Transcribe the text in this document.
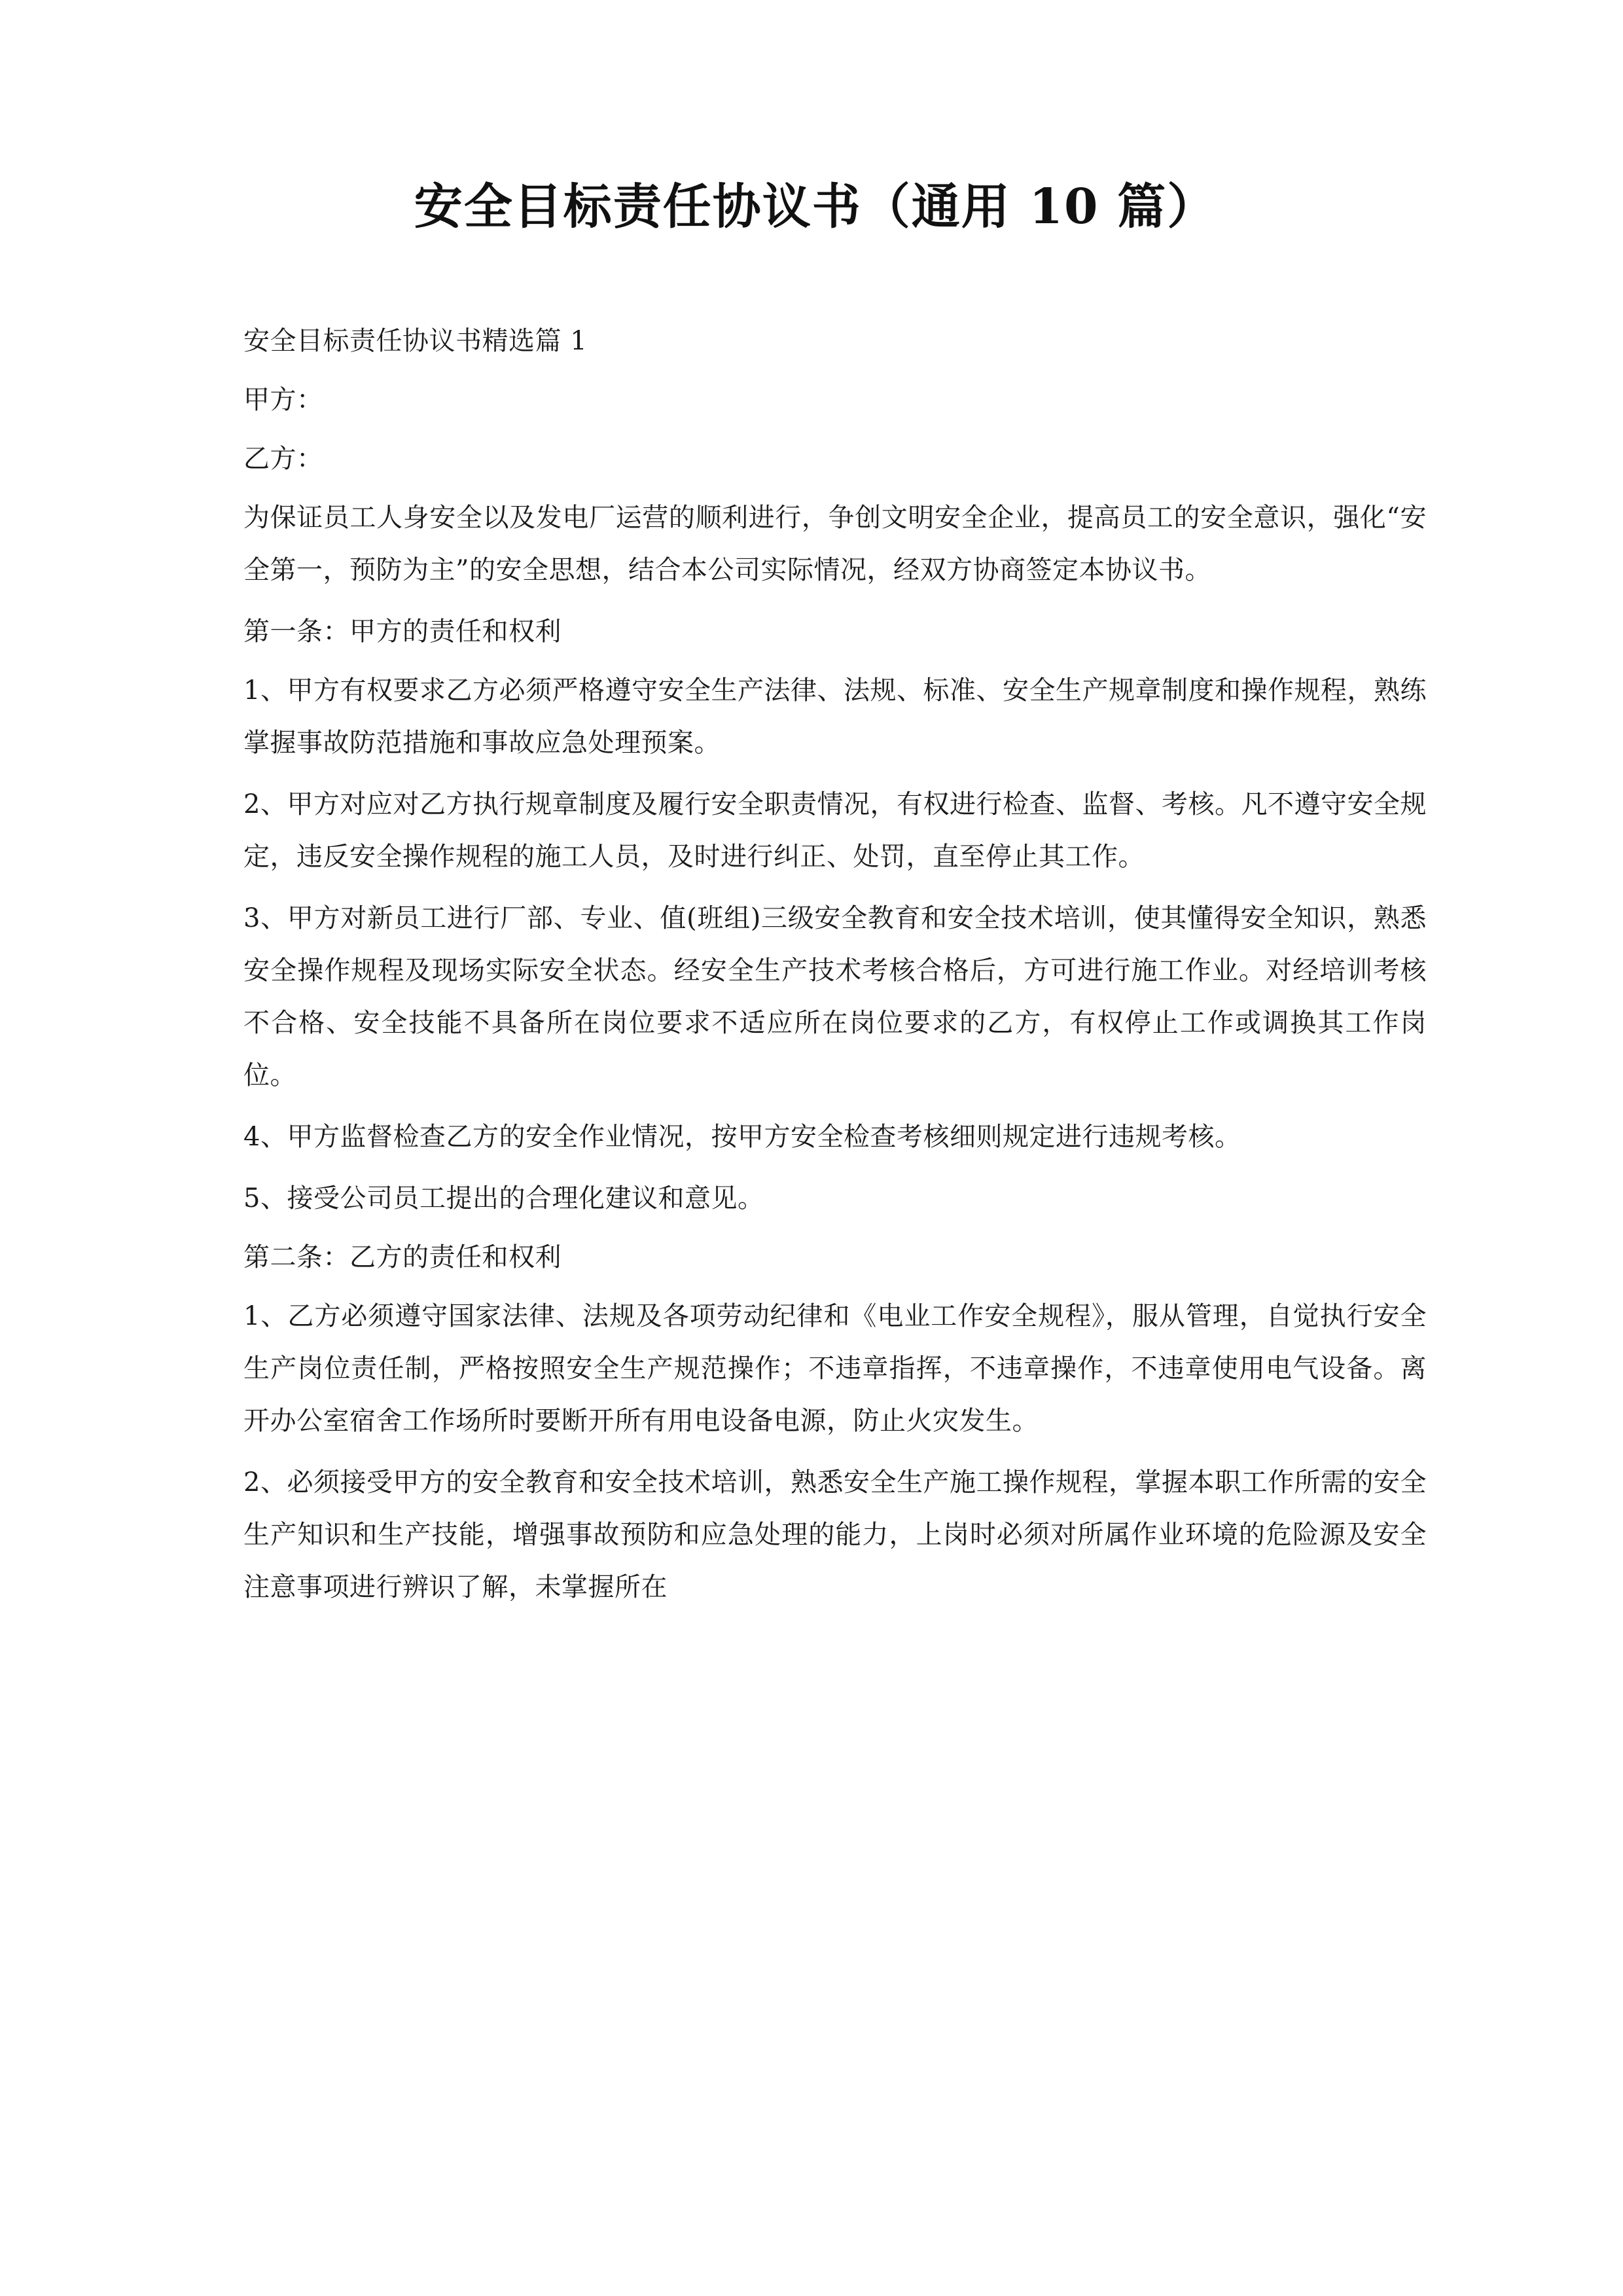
安全目标责任协议书（通用 10 篇）

安全目标责任协议书精选篇 1

甲方：

乙方：

为保证员工人身安全以及发电厂运营的顺利进行，争创文明安全企业，提高员工的安全意识，强化“安全第一，预防为主”的安全思想，结合本公司实际情况，经双方协商签定本协议书。

第一条：甲方的责任和权利

1、甲方有权要求乙方必须严格遵守安全生产法律、法规、标准、安全生产规章制度和操作规程，熟练掌握事故防范措施和事故应急处理预案。

2、甲方对应对乙方执行规章制度及履行安全职责情况，有权进行检查、监督、考核。凡不遵守安全规定，违反安全操作规程的施工人员，及时进行纠正、处罚，直至停止其工作。

3、甲方对新员工进行厂部、专业、值(班组)三级安全教育和安全技术培训，使其懂得安全知识，熟悉安全操作规程及现场实际安全状态。经安全生产技术考核合格后，方可进行施工作业。对经培训考核不合格、安全技能不具备所在岗位要求不适应所在岗位要求的乙方，有权停止工作或调换其工作岗位。

4、甲方监督检查乙方的安全作业情况，按甲方安全检查考核细则规定进行违规考核。

5、接受公司员工提出的合理化建议和意见。

第二条：乙方的责任和权利

1、乙方必须遵守国家法律、法规及各项劳动纪律和《电业工作安全规程》，服从管理，自觉执行安全生产岗位责任制，严格按照安全生产规范操作；不违章指挥，不违章操作，不违章使用电气设备。离开办公室宿舍工作场所时要断开所有用电设备电源，防止火灾发生。

2、必须接受甲方的安全教育和安全技术培训，熟悉安全生产施工操作规程，掌握本职工作所需的安全生产知识和生产技能，增强事故预防和应急处理的能力，上岗时必须对所属作业环境的危险源及安全注意事项进行辨识了解，未掌握所在
